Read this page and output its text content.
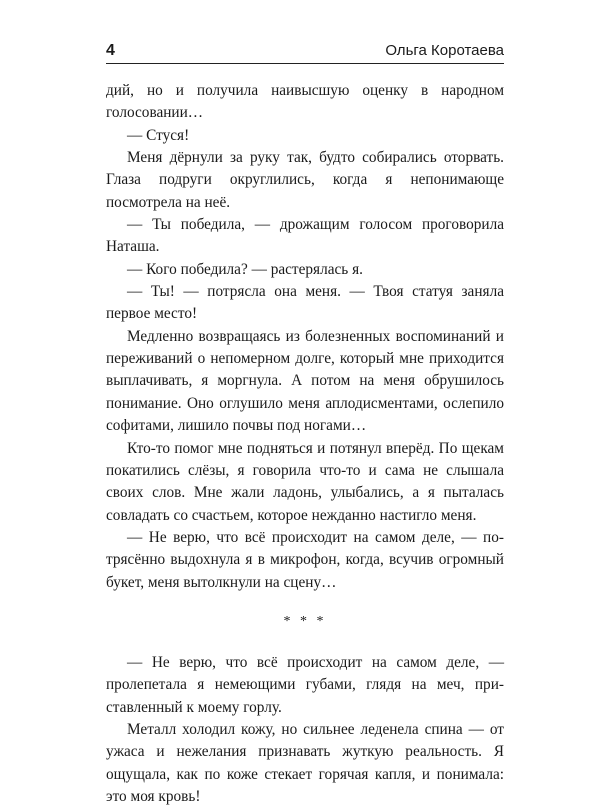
4	Ольга Коротаева

дий, но и получила наивысшую оценку в народном голосовании…

— Стуся!

Меня дёрнули за руку так, будто собирались оторвать. Глаза подруги округлились, когда я непонимающе посмотрела на неё.

— Ты победила, — дрожащим голосом проговорила Наташа.

— Кого победила? — растерялась я.

— Ты! — потрясла она меня. — Твоя статуя заняла первое место!

Медленно возвращаясь из болезненных воспоминаний и переживаний о непомерном долге, который мне приходится выплачивать, я моргнула. А потом на меня обрушилось понимание. Оно оглушило меня аплодисментами, ослепило софитами, лишило почвы под ногами…

Кто-то помог мне подняться и потянул вперёд. По щекам покатились слёзы, я говорила что-то и сама не слышала своих слов. Мне жали ладонь, улыбались, а я пыталась совладать со счастьем, которое нежданно настигло меня.

— Не верю, что всё происходит на самом деле, — потрясённо выдохнула я в микрофон, когда, всучив огромный букет, меня вытолкнули на сцену…

* * *

— Не верю, что всё происходит на самом деле, — пролепетала я немеющими губами, глядя на меч, приставленный к моему горлу.

Металл холодил кожу, но сильнее леденела спина — от ужаса и нежелания признавать жуткую реальность. Я ощущала, как по коже стекает горячая капля, и понимала: это моя кровь!
